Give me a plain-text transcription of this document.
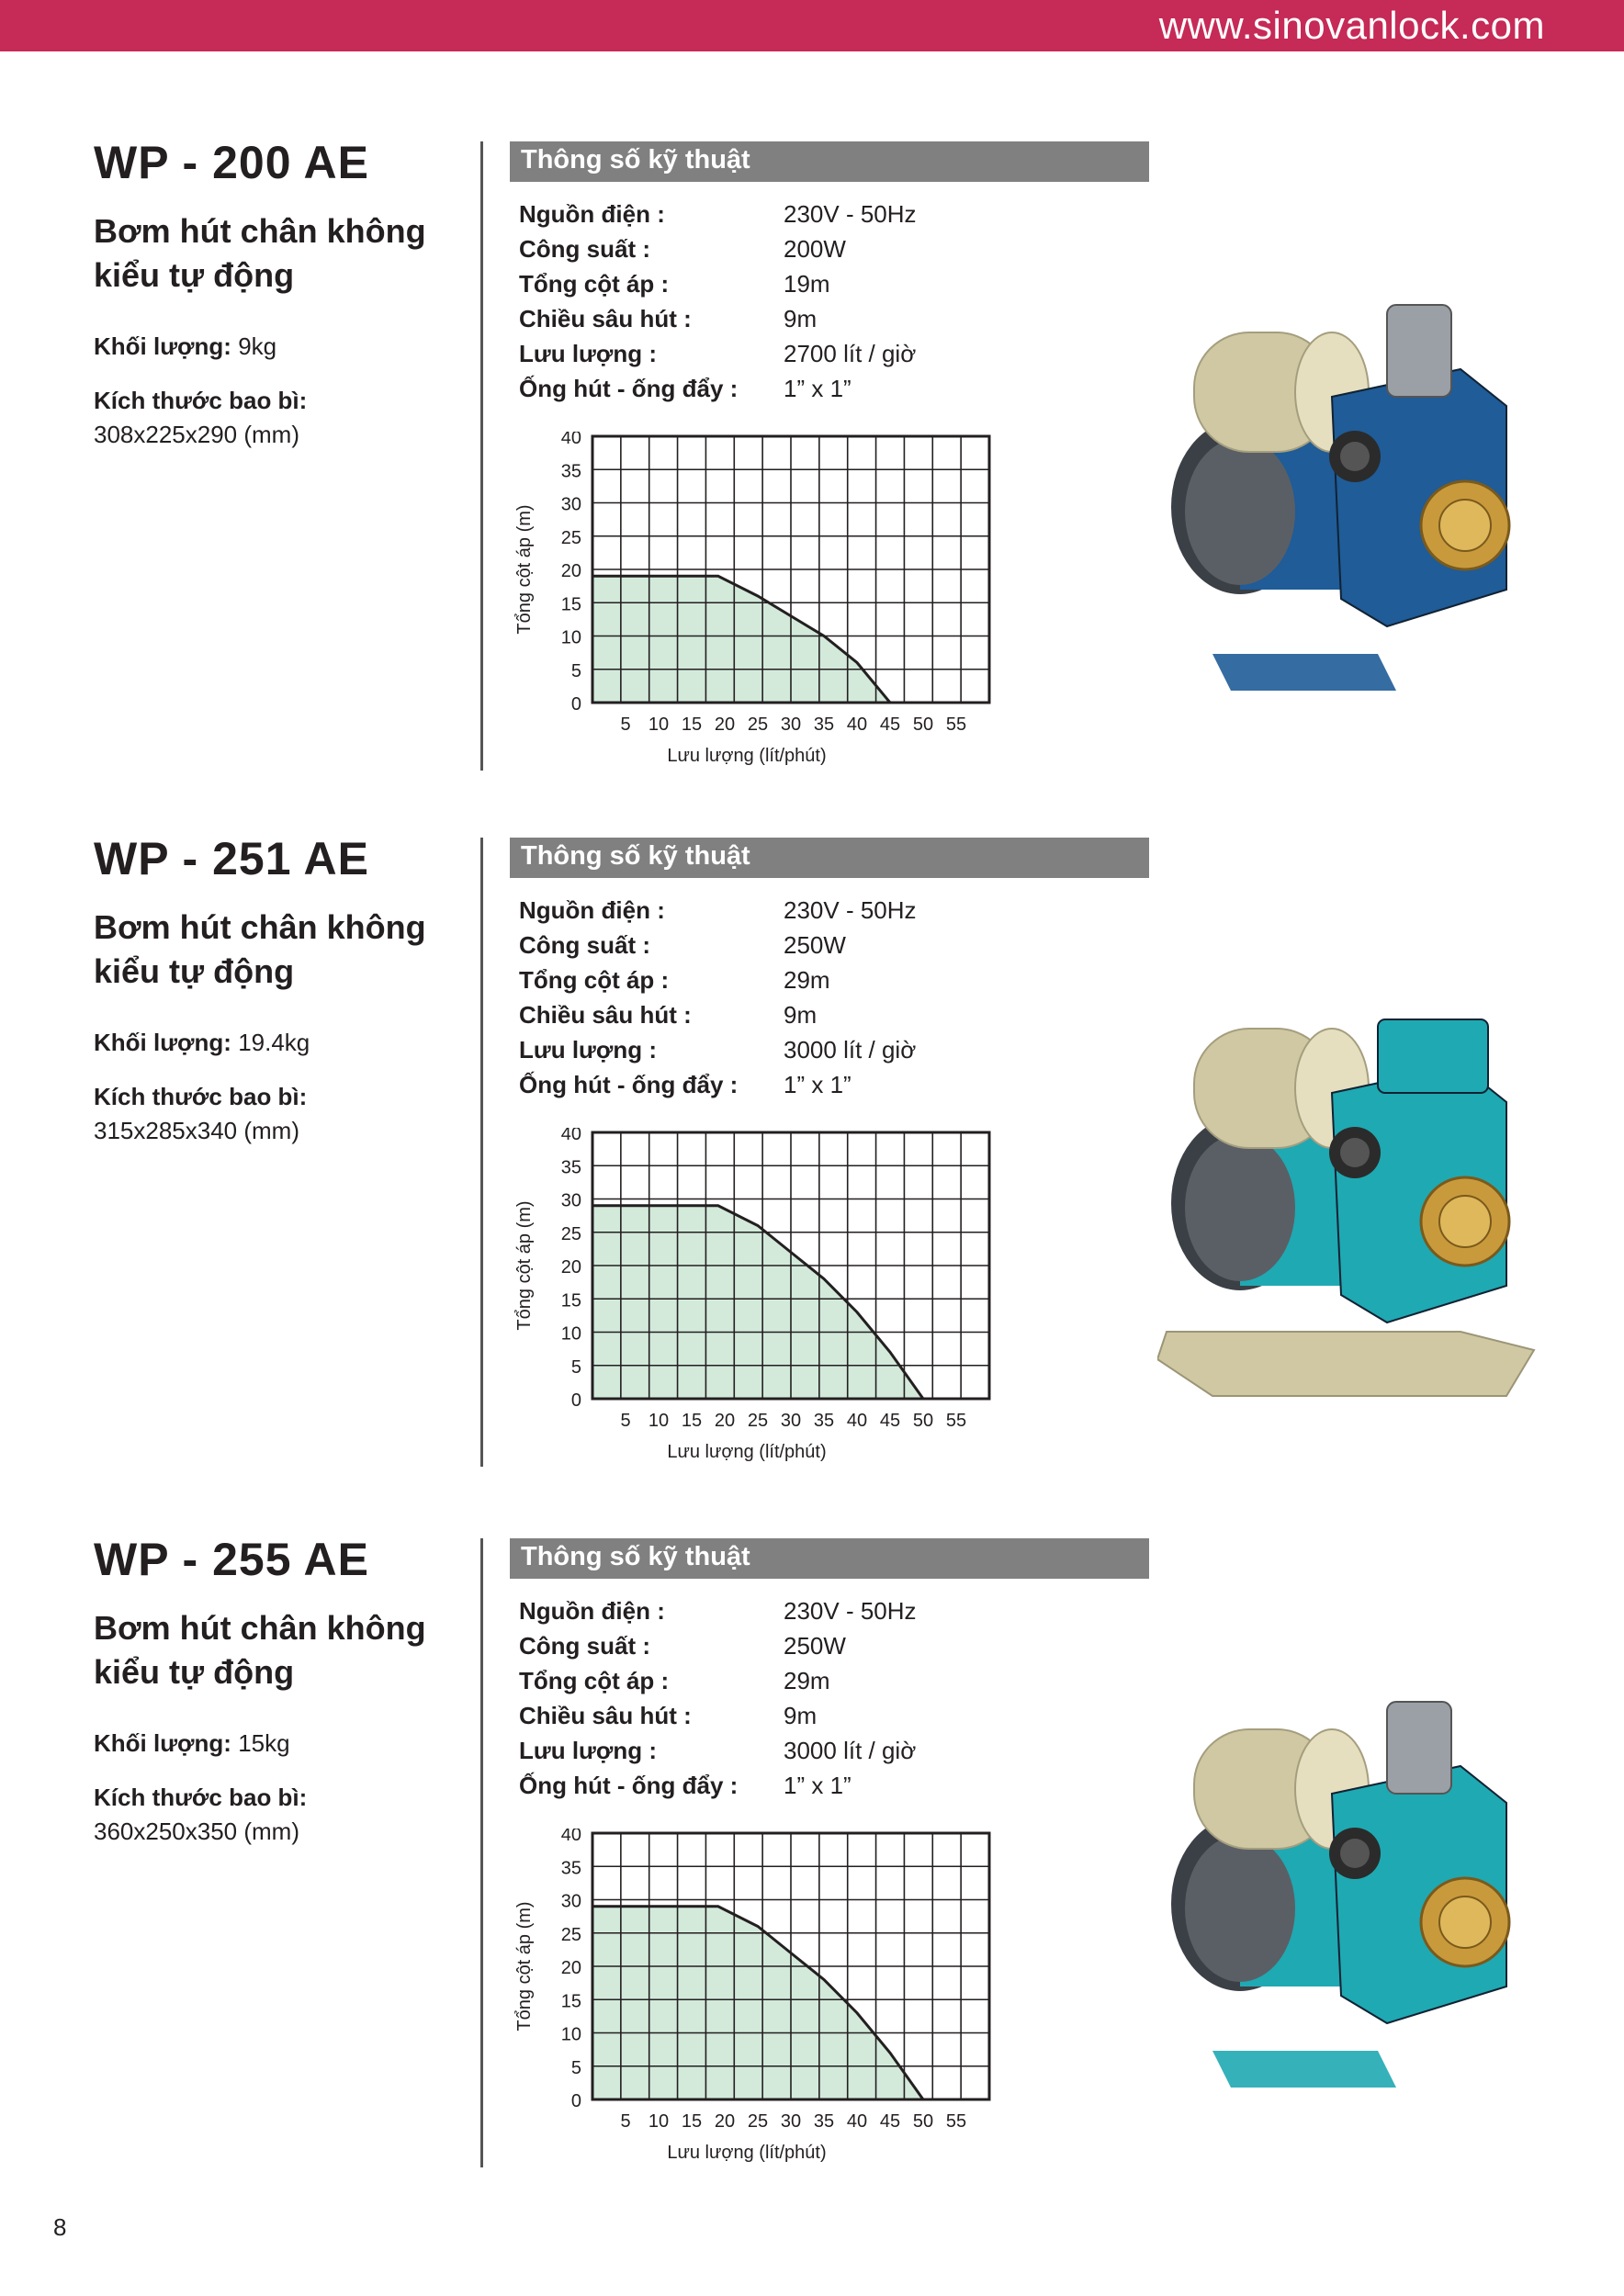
www.sinovanlock.com
WP - 200 AE
Bơm hút chân không kiểu tự động
Khối lượng: 9kg
Kích thước bao bì:
308x225x290 (mm)
Thông số kỹ thuật
Nguồn điện :	230V - 50Hz
Công suất :	200W
Tổng cột áp :	19m
Chiều sâu hút :	9m
Lưu lượng :	2700 lít / giờ
Ống hút - ống đẩy :	1” x 1”
0
5
10
15
20
25
30
35
40
5 10 15 20 25 30 35 40 45 50 55
Lưu lượng (lít/phút)
Tổng cột áp (m)
WP - 251 AE
Bơm hút chân không kiểu tự động
Khối lượng: 19.4kg
Kích thước bao bì:
315x285x340 (mm)
Thông số kỹ thuật
Nguồn điện :	230V - 50Hz
Công suất :	250W
Tổng cột áp :	29m
Chiều sâu hút :	9m
Lưu lượng :	3000 lít / giờ
Ống hút - ống đẩy :	1” x 1”
0
5
10
15
20
25
30
35
40
5 10 15 20 25 30 35 40 45 50 55
Lưu lượng (lít/phút)
Tổng cột áp (m)
WP - 255 AE
Bơm hút chân không kiểu tự động
Khối lượng: 15kg
Kích thước bao bì:
360x250x350 (mm)
Thông số kỹ thuật
Nguồn điện :	230V - 50Hz
Công suất :	250W
Tổng cột áp :	29m
Chiều sâu hút :	9m
Lưu lượng :	3000 lít / giờ
Ống hút - ống đẩy :	1” x 1”
0
5
10
15
20
25
30
35
40
5 10 15 20 25 30 35 40 45 50 55
Lưu lượng (lít/phút)
Tổng cột áp (m)
8
